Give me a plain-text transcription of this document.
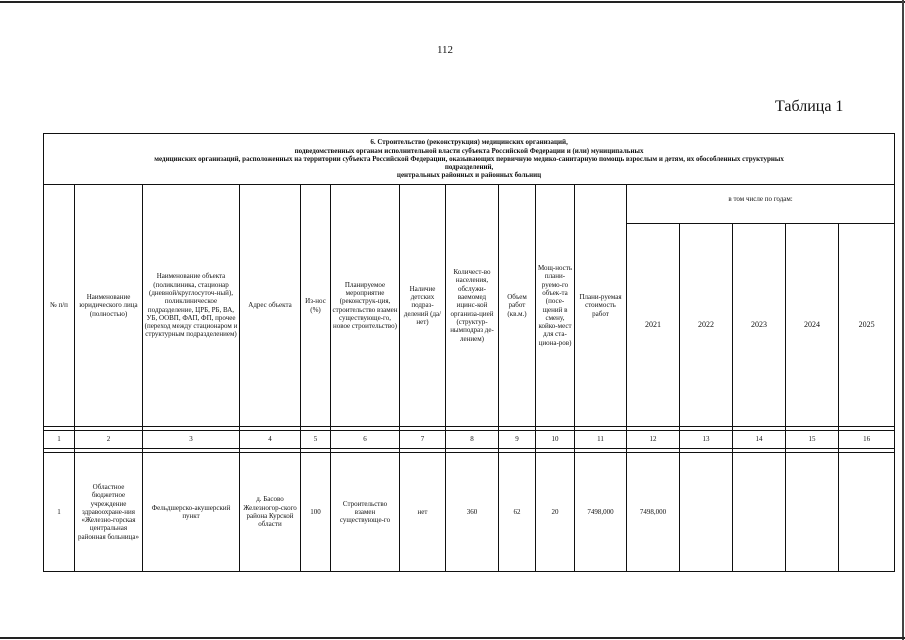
112
Таблица 1
6. Строительство (реконструкция) медицинских организаций,
подведомственных органам исполнительной власти субъекта Российской Федерации и (или) муниципальных
медицинских организаций, расположенных на территории субъекта Российской Федерации, оказывающих первичную медико-санитарную помощь взрослым и детям, их обособленных структурных
подразделений,
центральных районных и районных больниц															

№ п/п	Наименование юридического лица (полностью)	Наименование объекта (поликлиника, стационар (дневной/круглосуточ-ный), поликлиническое подразделение, ЦРБ, РБ, ВА, УБ, ООВП, ФАП, ФП, прочее (переход между стационаром и структурным подразделением)	Адрес объекта	Из-нос (%)	Планируемое мероприятие (реконструк-ция, строительство взамен существующе-го, новое строительство)	Наличие детских подраз-делений (да/нет)	Количест-во населения, обслужи-ваемомед ицинс-кой организа-цией (структур-нымподраз де-лением)	Объем работ (кв.м.)	Мощ-ность плани-руемо-го объек-та (посе-щений в смену, койко-мест для ста-циона-ров)	Плани-руемая стоимость работ	в том числе по годам:				
											2021	2022	2023	2024	2025

1	2	3	4	5	6	7	8	9	10	11	12	13	14	15	16

1	Областное бюджетное учреждение здравоохране-ния «Железно-горская центральная районная больница»	Фельдшерско-акушерский пункт	д. Басово Железногор-ского района Курской области	100	Строительство взамен существующе-го	нет	360	62	20	7498,000	7498,000				
